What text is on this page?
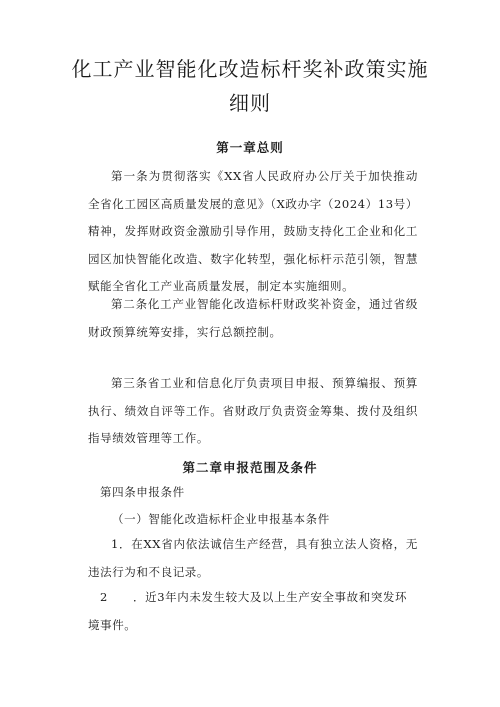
化工产业智能化改造标杆奖补政策实施细则
第一章总则
第一条为贯彻落实《XX省人民政府办公厅关于加快推动全省化工园区高质量发展的意见》（X政办字（2024）13号）精神，发挥财政资金激励引导作用，鼓励支持化工企业和化工园区加快智能化改造、数字化转型，强化标杆示范引领，智慧赋能全省化工产业高质量发展，制定本实施细则。
第二条化工产业智能化改造标杆财政奖补资金，通过省级财政预算统筹安排，实行总额控制。
第三条省工业和信息化厅负责项目申报、预算编报、预算执行、绩效自评等工作。省财政厅负责资金筹集、拨付及组织指导绩效管理等工作。
第二章申报范围及条件
第四条申报条件
（一）智能化改造标杆企业申报基本条件
1．在XX省内依法诚信生产经营，具有独立法人资格，无违法行为和不良记录。
2 ．近3年内未发生较大及以上生产安全事故和突发环
境事件。
